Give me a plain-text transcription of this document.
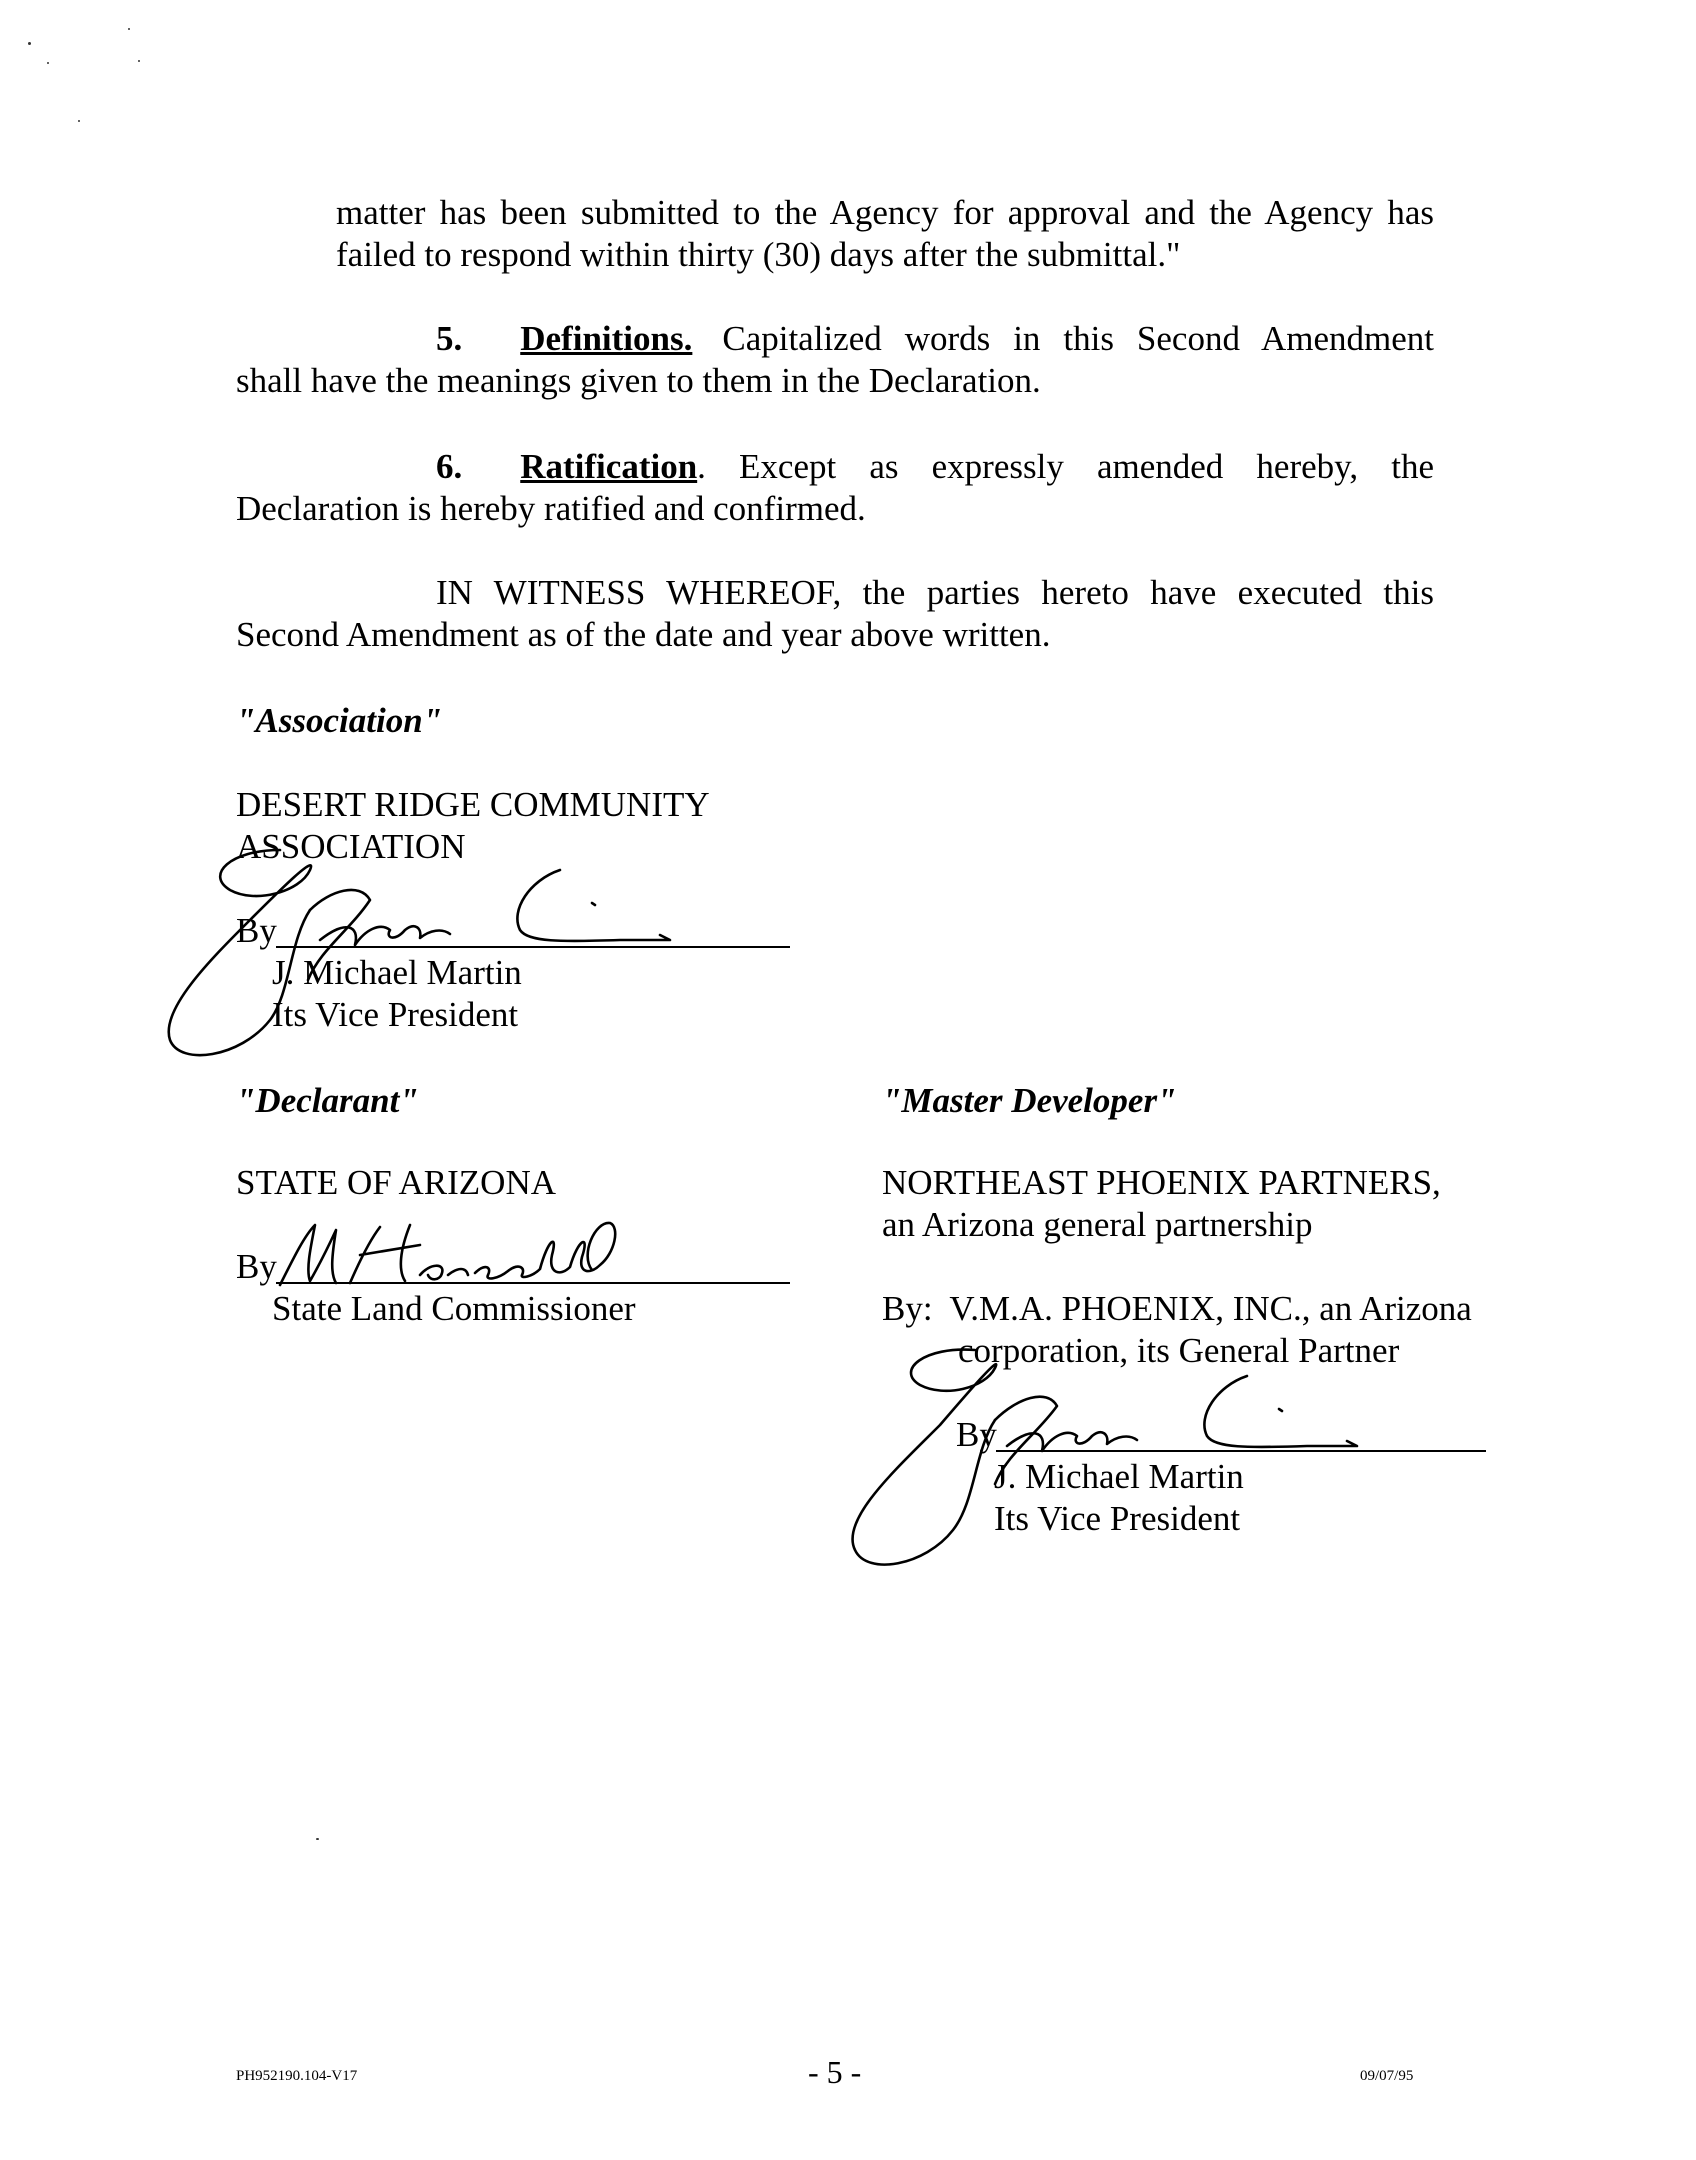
matter has been submitted to the Agency for approval and the Agency has
failed to respond within thirty (30) days after the submittal."
5. Definitions. Capitalized words in this Second Amendment
shall have the meanings given to them in the Declaration.
6. Ratification . Except as expressly amended hereby, the
Declaration is hereby ratified and confirmed.
IN WITNESS WHEREOF, the parties hereto have executed this
Second Amendment as of the date and year above written.
"Association"
DESERT RIDGE COMMUNITY
ASSOCIATION
By
J. Michael Martin
Its Vice President
"Declarant"
STATE OF ARIZONA
By
State Land Commissioner
"Master Developer"
NORTHEAST PHOENIX PARTNERS,
an Arizona general partnership
By:  V.M.A. PHOENIX, INC., an Arizona
corporation, its General Partner
By
J. Michael Martin
Its Vice President
PH952190.104-V17	- 5 -	09/07/95
